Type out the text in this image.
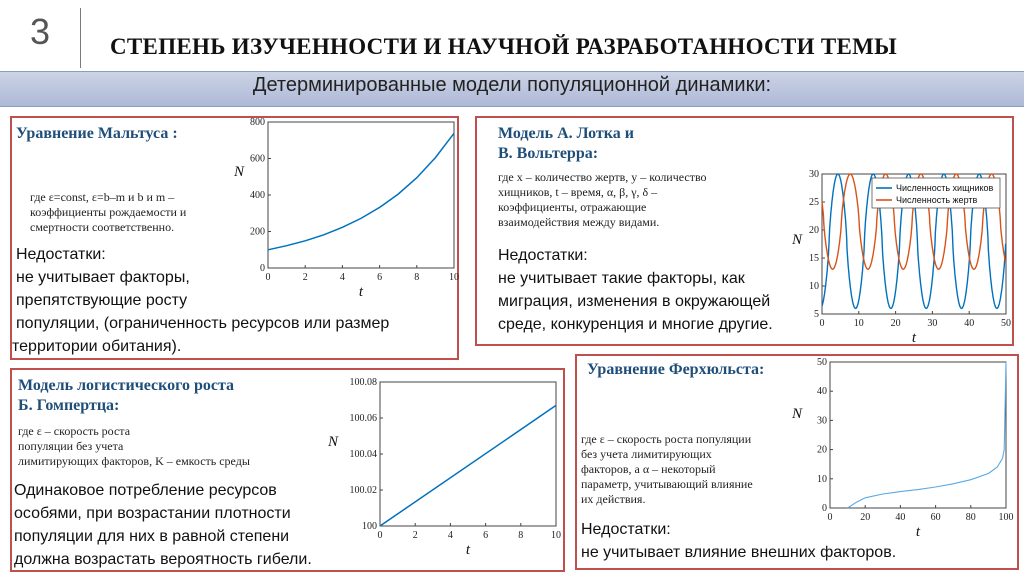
3	СТЕПЕНЬ ИЗУЧЕННОСТИ И НАУЧНОЙ РАЗРАБОТАННОСТИ ТЕМЫ
Детерминированные модели популяционной динамики:
Уравнение Мальтуса :
где ε=const, ε=b–m и b и m –
коэффициенты рождаемости и
смертности соответственно.
Недостатки:
не учитывает факторы,
препятствующие росту
популяции, (ограниченность ресурсов или размер
территории обитания).
Модель А. Лотка и
В. Вольтерра:
где x – количество жертв, y – количество
хищников, t – время, α, β, γ, δ –
коэффициенты, отражающие
взаимодействия между видами.
Недостатки:
не учитывает такие факторы, как
миграция, изменения в окружающей
среде, конкуренция и многие другие.
Модель логистического роста
Б. Гомпертца:
где ε – скорость роста
популяции без учета
лимитирующих факторов, K – емкость среды
Одинаковое потребление ресурсов
особями, при возрастании плотности
популяции для них в равной степени
должна возрастать вероятность гибели.
Уравнение Ферхюльста:
где ε – скорость роста популяции
без учета лимитирующих
факторов, а α – некоторый
параметр, учитывающий влияние
их действия.
Недостатки:
не учитывает влияние внешних факторов.
0	2	4	6	8	10
0
200
400
600
800
t
N
0	10	20	30	40	50
5
10
15
20
25
30
t
N
Численность хищников
Численность жертв
0	2	4	6	8	10
100
100.02
100.04
100.06
100.08
t
N
0	20	40	60	80 100
0
10
20
30
40
50
t
N
